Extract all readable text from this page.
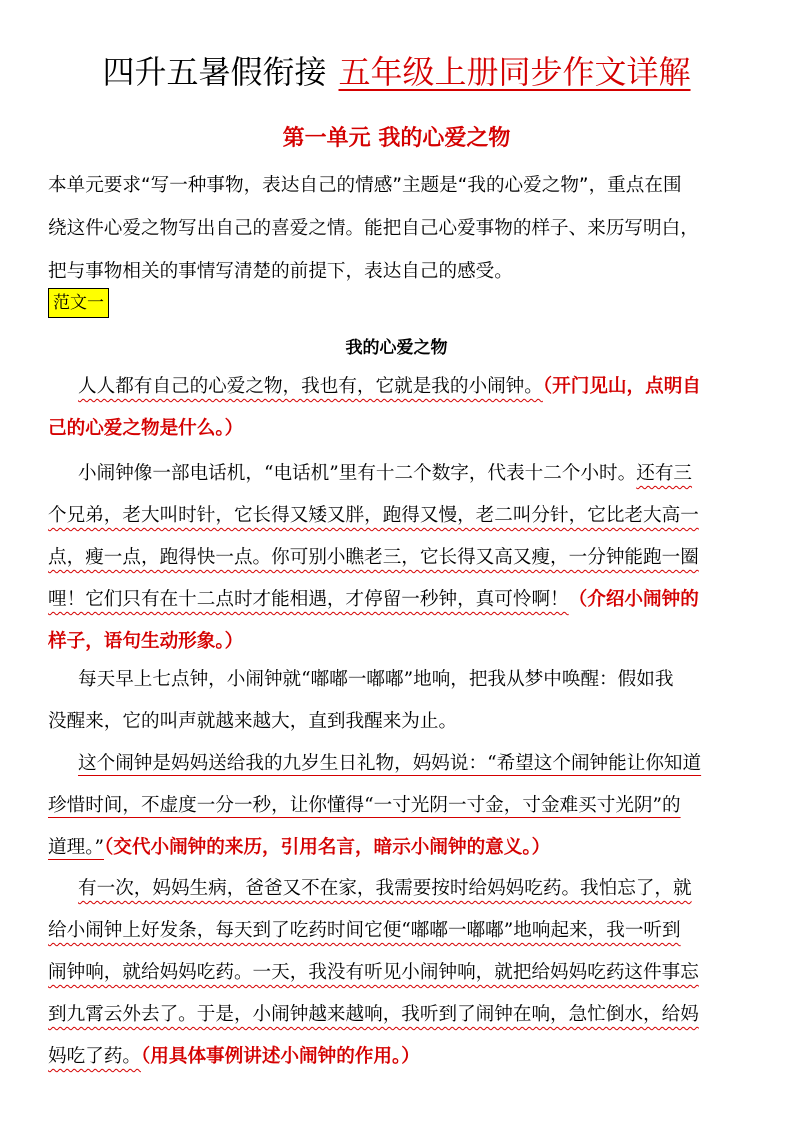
四升五暑假衔接 五年级上册同步作文详解
第一单元 我的心爱之物
本单元要求“写一种事物，表达自己的情感”主题是“我的心爱之物”，重点在围
绕这件心爱之物写出自己的喜爱之情。能把自己心爱事物的样子、来历写明白，
把与事物相关的事情写清楚的前提下，表达自己的感受。
范文一
我的心爱之物
人人都有自己的心爱之物，我也有，它就是我的小闹钟。（开门见山，点明自
己的心爱之物是什么。）
小闹钟像一部电话机，“电话机”里有十二个数字，代表十二个小时。还有三
个兄弟，老大叫时针，它长得又矮又胖，跑得又慢，老二叫分针，它比老大高一
点，瘦一点，跑得快一点。你可别小瞧老三，它长得又高又瘦，一分钟能跑一圈
哩！它们只有在十二点时才能相遇，才停留一秒钟，真可怜啊！（介绍小闹钟的
样子，语句生动形象。）
每天早上七点钟，小闹钟就“嘟嘟一嘟嘟”地响，把我从梦中唤醒：假如我
没醒来，它的叫声就越来越大，直到我醒来为止。
这个闹钟是妈妈送给我的九岁生日礼物，妈妈说：“希望这个闹钟能让你知道
珍惜时间，不虚度一分一秒，让你懂得“一寸光阴一寸金，寸金难买寸光阴”的
道理。”（交代小闹钟的来历，引用名言，暗示小闹钟的意义。）
有一次，妈妈生病，爸爸又不在家，我需要按时给妈妈吃药。我怕忘了，就
给小闹钟上好发条，每天到了吃药时间它便“嘟嘟一嘟嘟”地响起来，我一听到
闹钟响，就给妈妈吃药。一天，我没有听见小闹钟响，就把给妈妈吃药这件事忘
到九霄云外去了。于是，小闹钟越来越响，我听到了闹钟在响，急忙倒水，给妈
妈吃了药。（用具体事例讲述小闹钟的作用。）
